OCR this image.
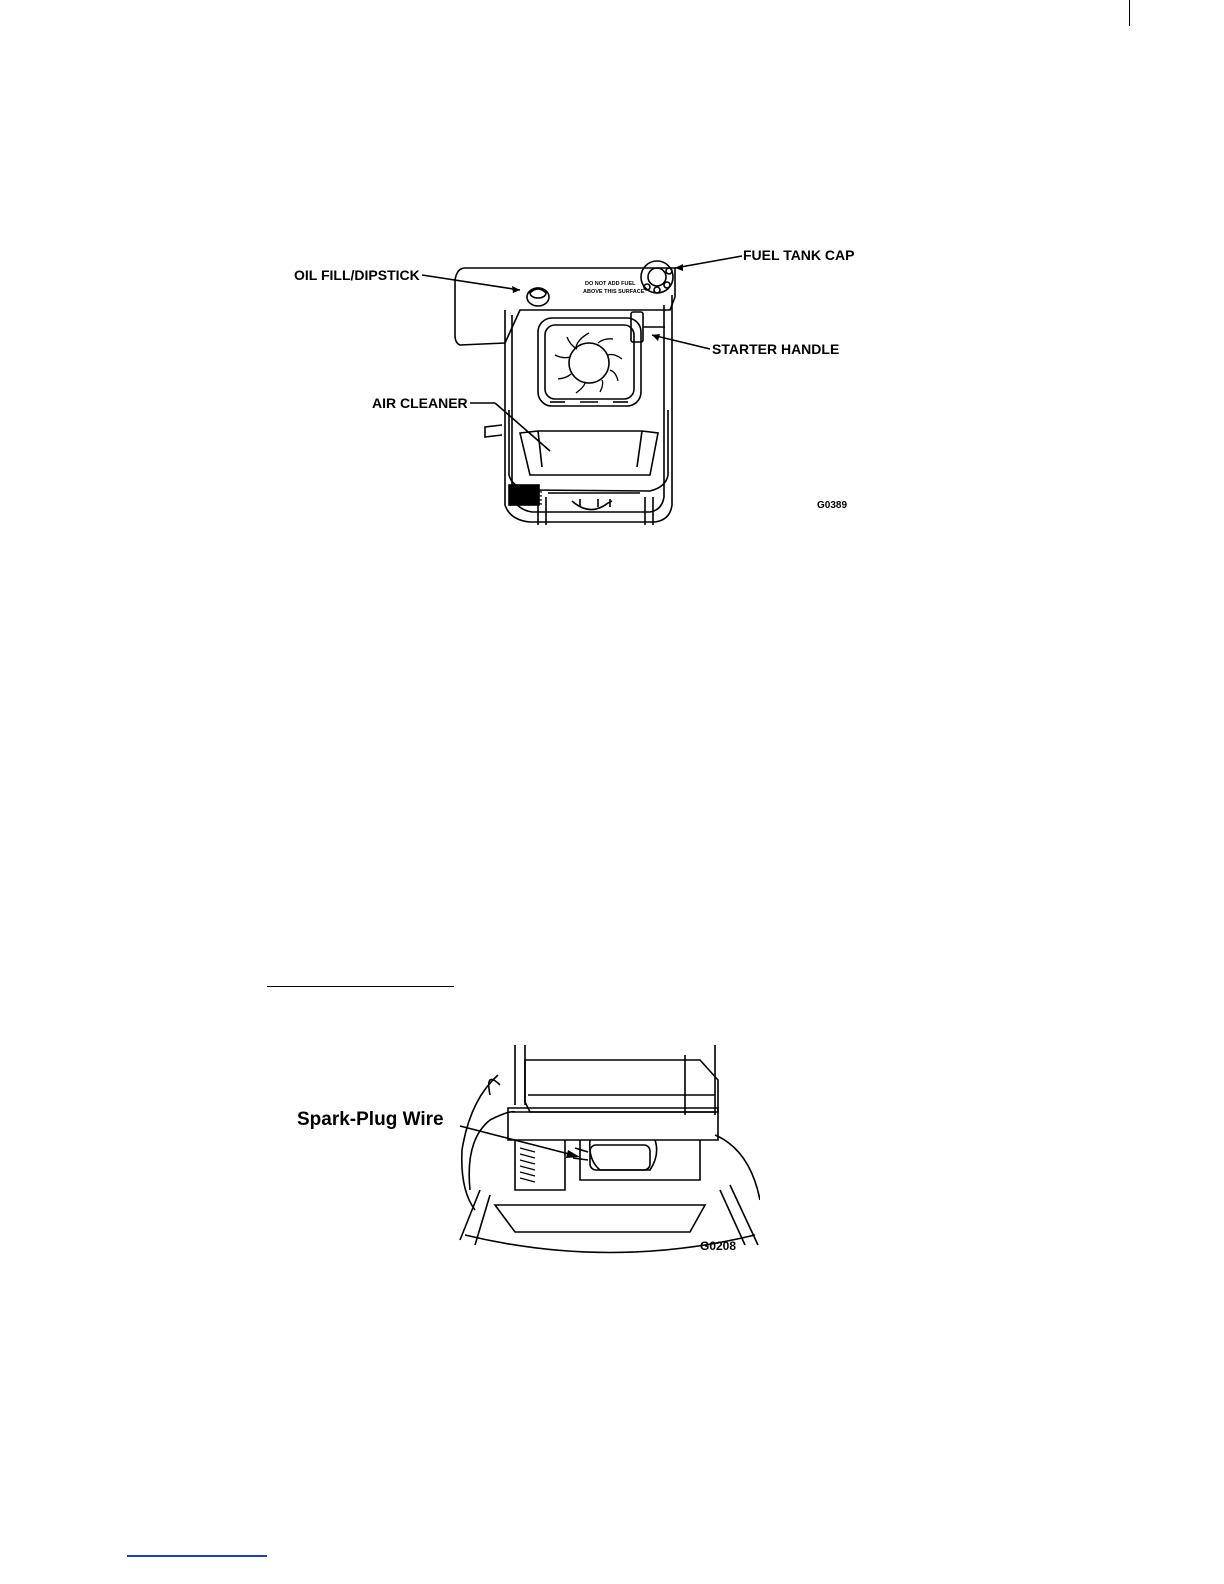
DO NOT ADD FUEL
ABOVE THIS SURFACE
OIL FILL/DIPSTICK
FUEL TANK CAP
STARTER HANDLE
AIR CLEANER
G0389
Spark-Plug Wire
G0208
